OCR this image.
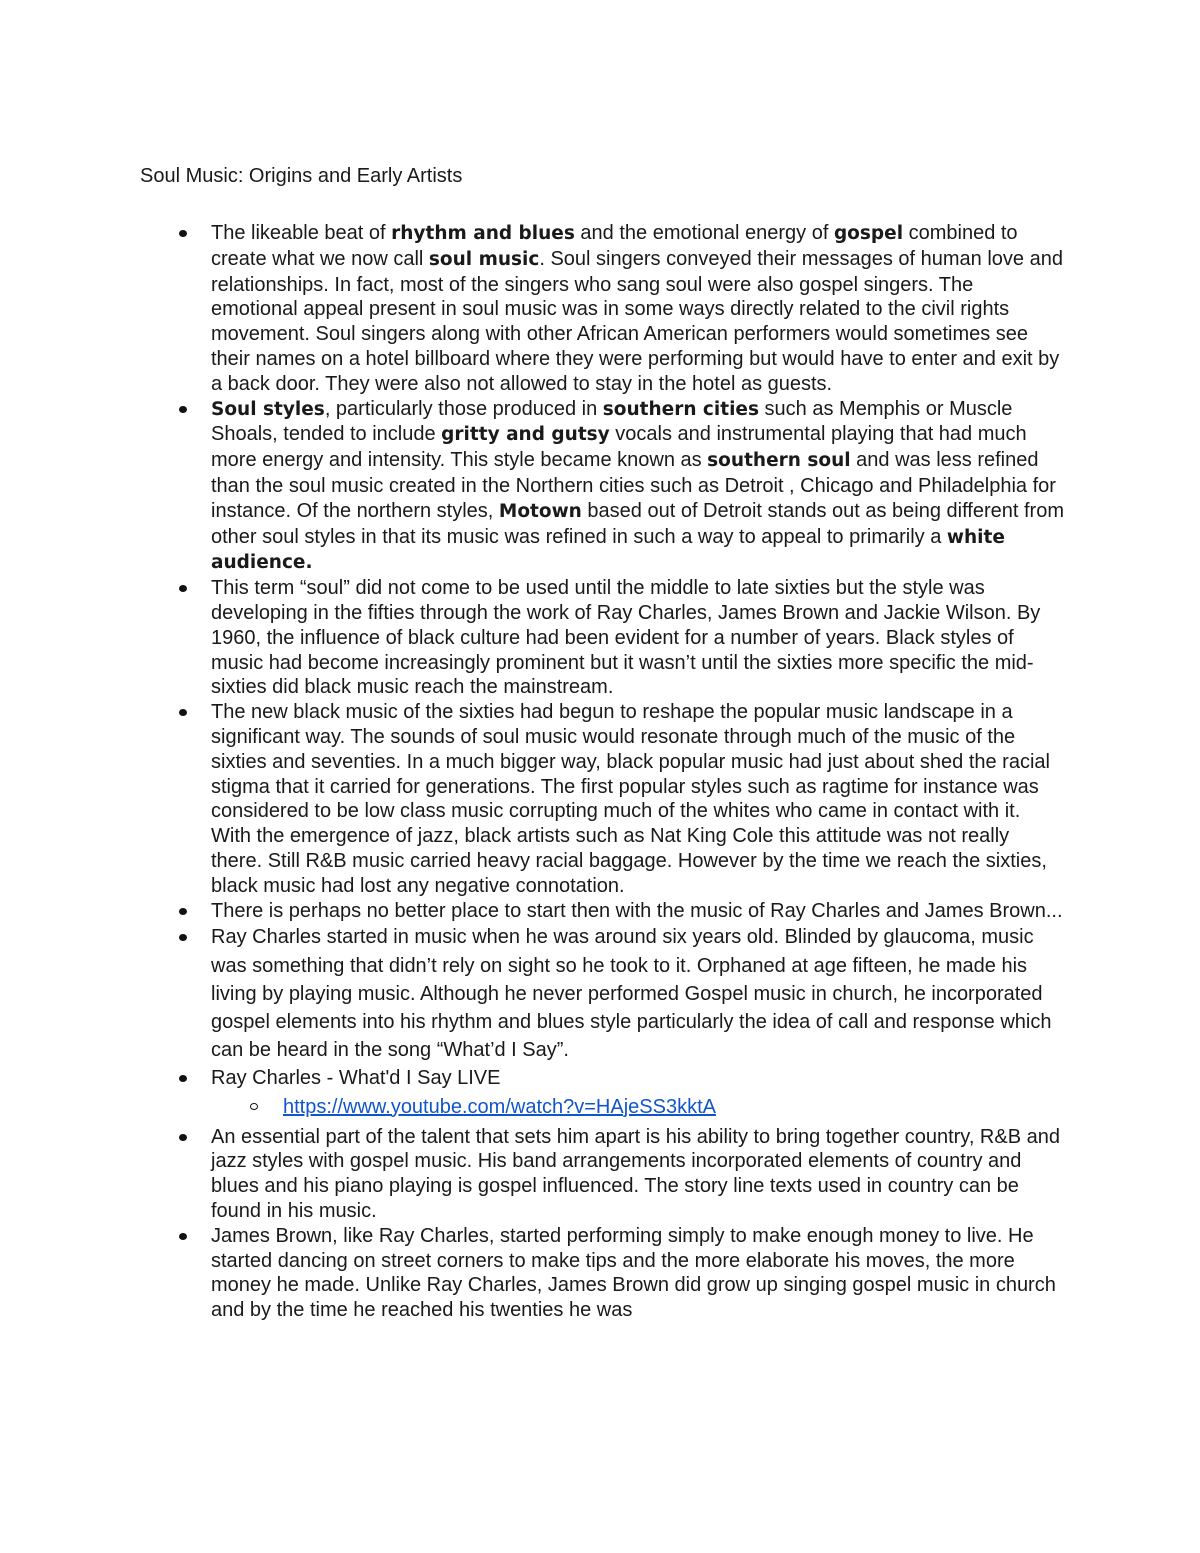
Soul Music: Origins and Early Artists
The likeable beat of rhythm and blues and the emotional energy of gospel combined to create what we now call soul music. Soul singers conveyed their messages of human love and relationships. In fact, most of the singers who sang soul were also gospel singers. The emotional appeal present in soul music was in some ways directly related to the civil rights movement. Soul singers along with other African American performers would sometimes see their names on a hotel billboard where they were performing but would have to enter and exit by a back door. They were also not allowed to stay in the hotel as guests.
Soul styles, particularly those produced in southern cities such as Memphis or Muscle Shoals, tended to include gritty and gutsy vocals and instrumental playing that had much more energy and intensity. This style became known as southern soul and was less refined than the soul music created in the Northern cities such as Detroit , Chicago and Philadelphia for instance. Of the northern styles, Motown based out of Detroit stands out as being different from other soul styles in that its music was refined in such a way to appeal to primarily a white audience.
This term “soul” did not come to be used until the middle to late sixties but the style was developing in the fifties through the work of Ray Charles, James Brown and Jackie Wilson. By 1960, the influence of black culture had been evident for a number of years. Black styles of music had become increasingly prominent but it wasn’t until the sixties more specific the mid-sixties did black music reach the mainstream.
The new black music of the sixties had begun to reshape the popular music landscape in a significant way. The sounds of soul music would resonate through much of the music of the sixties and seventies. In a much bigger way, black popular music had just about shed the racial stigma that it carried for generations. The first popular styles such as ragtime for instance was considered to be low class music corrupting much of the whites who came in contact with it. With the emergence of jazz, black artists such as Nat King Cole this attitude was not really there. Still R&B music carried heavy racial baggage. However by the time we reach the sixties, black music had lost any negative connotation.
There is perhaps no better place to start then with the music of Ray Charles and James Brown...
Ray Charles started in music when he was around six years old. Blinded by glaucoma, music was something that didn’t rely on sight so he took to it. Orphaned at age fifteen, he made his living by playing music. Although he never performed Gospel music in church, he incorporated gospel elements into his rhythm and blues style particularly the idea of call and response which can be heard in the song “What’d I Say”.
Ray Charles - What'd I Say LIVE
https://www.youtube.com/watch?v=HAjeSS3kktA
An essential part of the talent that sets him apart is his ability to bring together country, R&B and jazz styles with gospel music. His band arrangements incorporated elements of country and blues and his piano playing is gospel influenced. The story line texts used in country can be found in his music.
James Brown, like Ray Charles, started performing simply to make enough money to live. He started dancing on street corners to make tips and the more elaborate his moves, the more money he made. Unlike Ray Charles, James Brown did grow up singing gospel music in church and by the time he reached his twenties he was
